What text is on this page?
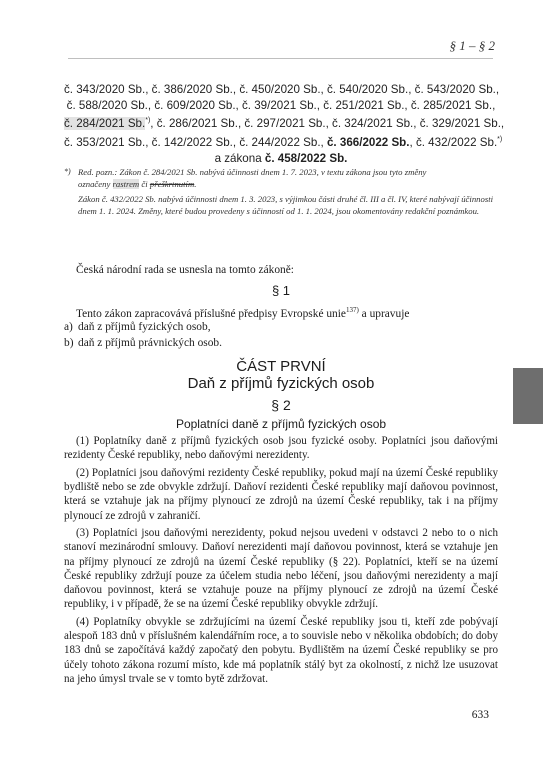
§ 1 – § 2

č. 343/2020 Sb., č. 386/2020 Sb., č. 450/2020 Sb., č. 540/2020 Sb., č. 543/2020 Sb.,

č. 588/2020 Sb., č. 609/2020 Sb., č. 39/2021 Sb., č. 251/2021 Sb., č. 285/2021 Sb.,

č. 284/2021 Sb.*), č. 286/2021 Sb., č. 297/2021 Sb., č. 324/2021 Sb., č. 329/2021 Sb.,

č. 353/2021 Sb., č. 142/2022 Sb., č. 244/2022 Sb., č. 366/2022 Sb., č. 432/2022 Sb.*)

a zákona č. 458/2022 Sb.

*) Red. pozn.: Zákon č. 284/2021 Sb. nabývá účinnosti dnem 1. 7. 2023, v textu zákona jsou tyto změny

označeny rastrem či přeškrtnutím.

Zákon č. 432/2022 Sb. nabývá účinnosti dnem 1. 3. 2023, s výjimkou části druhé čl. III a čl. IV, které nabývají účinnosti dnem 1. 1. 2024. Změny, které budou provedeny s účinností od 1. 1. 2024, jsou okomentovány redakční poznámkou.

Česká národní rada se usnesla na tomto zákoně:

§ 1

Tento zákon zapracovává příslušné předpisy Evropské unie$^{137)}$ a upravuje

a) daň z příjmů fyzických osob,
b) daň z příjmů právnických osob.
ČÁST PRVNÍ
Daň z příjmů fyzických osob
§ 2
Poplatníci daně z příjmů fyzických osob

(1) Poplatníky daně z příjmů fyzických osob jsou fyzické osoby. Poplatníci jsou daňovými rezidenty České republiky, nebo daňovými nerezidenty.

(2) Poplatníci jsou daňovými rezidenty České republiky, pokud mají na území České republiky bydliště nebo se zde obvykle zdržují. Daňoví rezidenti České republiky mají daňovou povinnost, která se vztahuje jak na příjmy plynoucí ze zdrojů na území České republiky, tak i na příjmy plynoucí ze zdrojů v zahraničí.

(3) Poplatníci jsou daňovými nerezidenty, pokud nejsou uvedeni v odstavci 2 nebo to o nich stanoví mezinárodní smlouvy. Daňoví nerezidenti mají daňovou povinnost, která se vztahuje jen na příjmy plynoucí ze zdrojů na území České republiky (§ 22). Poplatníci, kteří se na území České republiky zdržují pouze za účelem studia nebo léčení, jsou daňovými nerezidenty a mají daňovou povinnost, která se vztahuje pouze na příjmy plynoucí ze zdrojů na území České republiky, i v případě, že se na území České republiky obvykle zdržují.

(4) Poplatníky obvykle se zdržujícími na území České republiky jsou ti, kteří zde pobývají alespoň 183 dnů v příslušném kalendářním roce, a to souvisle nebo v několika obdobích; do doby 183 dnů se započítává každý započatý den pobytu. Bydlištěm na území České republiky se pro účely tohoto zákona rozumí místo, kde má poplatník stálý byt za okolností, z nichž lze usuzovat na jeho úmysl trvale se v tomto bytě zdržovat.

633
